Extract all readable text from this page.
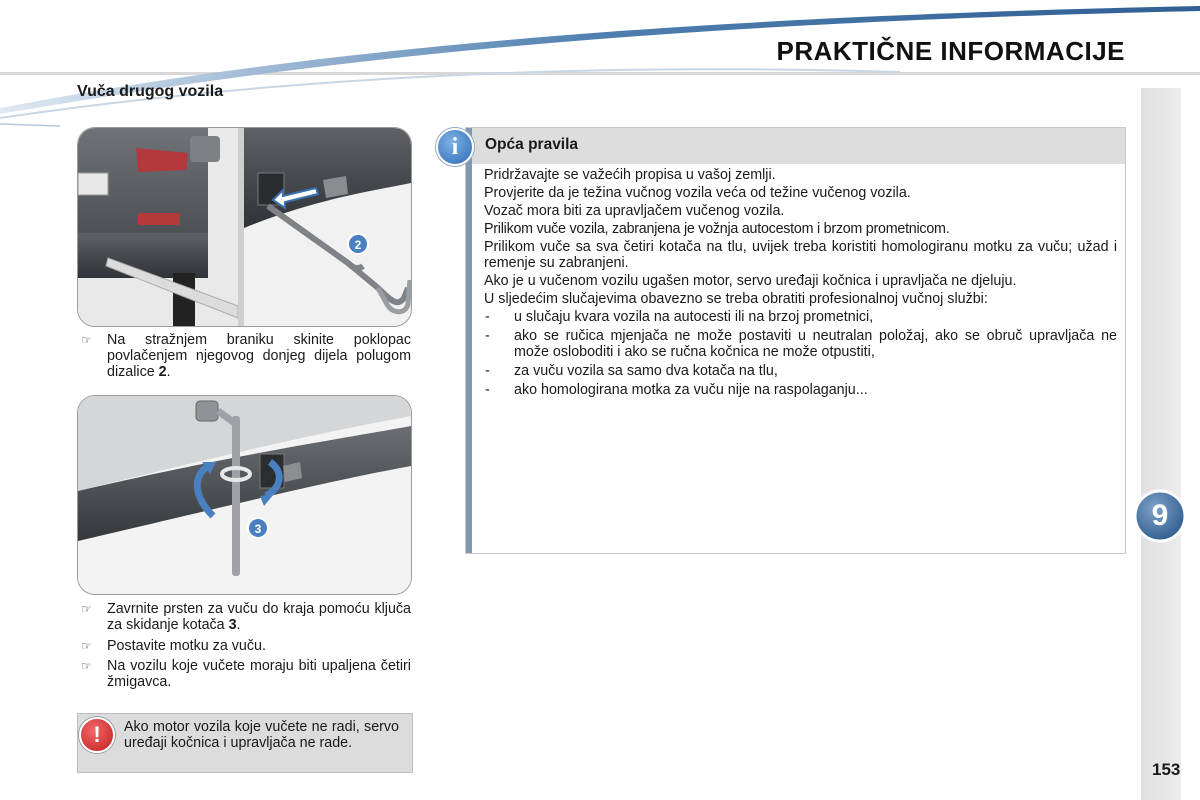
PRAKTIČNE INFORMACIJE
Vuča drugog vozila
2
☞ Na stražnjem braniku skinite poklopac povlačenjem njegovog donjeg dijela polugom dizalice 2.
3
☞ Zavrnite prsten za vuču do kraja pomoću ključa za skidanje kotača 3.
☞ Postavite motku za vuču.
☞ Na vozilu koje vučete moraju biti upaljena četiri žmigavca.
!	Ako motor vozila koje vučete ne radi, servo uređaji kočnica i upravljača ne rade.
i	Opća pravila

Pridržavajte se važećih propisa u vašoj zemlji.

Provjerite da je težina vučnog vozila veća od težine vučenog vozila.

Vozač mora biti za upravljačem vučenog vozila.

Prilikom vuče vozila, zabranjena je vožnja autocestom i brzom prometnicom.

Prilikom vuče sa sva četiri kotača na tlu, uvijek treba koristiti homologiranu motku za vuču; užad i remenje su zabranjeni.

Ako je u vučenom vozilu ugašen motor, servo uređaji kočnica i upravljača ne djeluju.

U sljedećim slučajevima obavezno se treba obratiti profesionalnoj vučnoj službi:

- u slučaju kvara vozila na autocesti ili na brzoj prometnici,
- ako se ručica mjenjača ne može postaviti u neutralan položaj, ako se obruč upravljača ne može osloboditi i ako se ručna kočnica ne može otpustiti,
- za vuču vozila sa samo dva kotača na tlu,
- ako homologirana motka za vuču nije na raspolaganju...
9
153
